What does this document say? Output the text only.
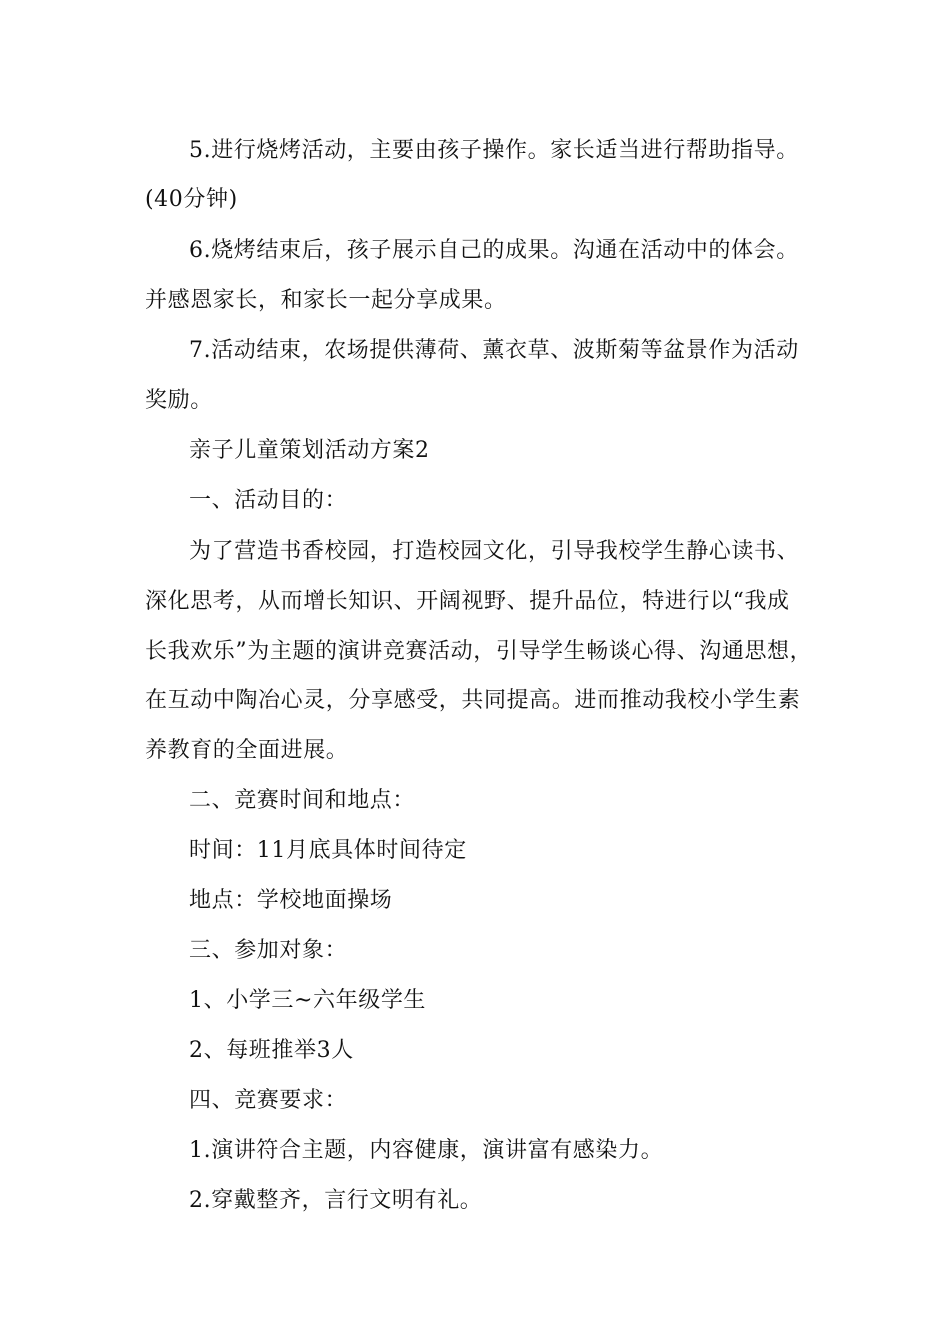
5.进行烧烤活动，主要由孩子操作。家长适当进行帮助指导。
(40分钟)
6.烧烤结束后，孩子展示自己的成果。沟通在活动中的体会。
并感恩家长，和家长一起分享成果。
7.活动结束，农场提供薄荷、薰衣草、波斯菊等盆景作为活动
奖励。
亲子儿童策划活动方案2
一、活动目的：
为了营造书香校园，打造校园文化，引导我校学生静心读书、
深化思考，从而增长知识、开阔视野、提升品位，特进行以“我成
长我欢乐”为主题的演讲竞赛活动，引导学生畅谈心得、沟通思想，
在互动中陶冶心灵，分享感受，共同提高。进而推动我校小学生素
养教育的全面进展。
二、竞赛时间和地点：
时间：11月底具体时间待定
地点：学校地面操场
三、参加对象：
1、小学三~六年级学生
2、每班推举3人
四、竞赛要求：
1.演讲符合主题，内容健康，演讲富有感染力。
2.穿戴整齐，言行文明有礼。
